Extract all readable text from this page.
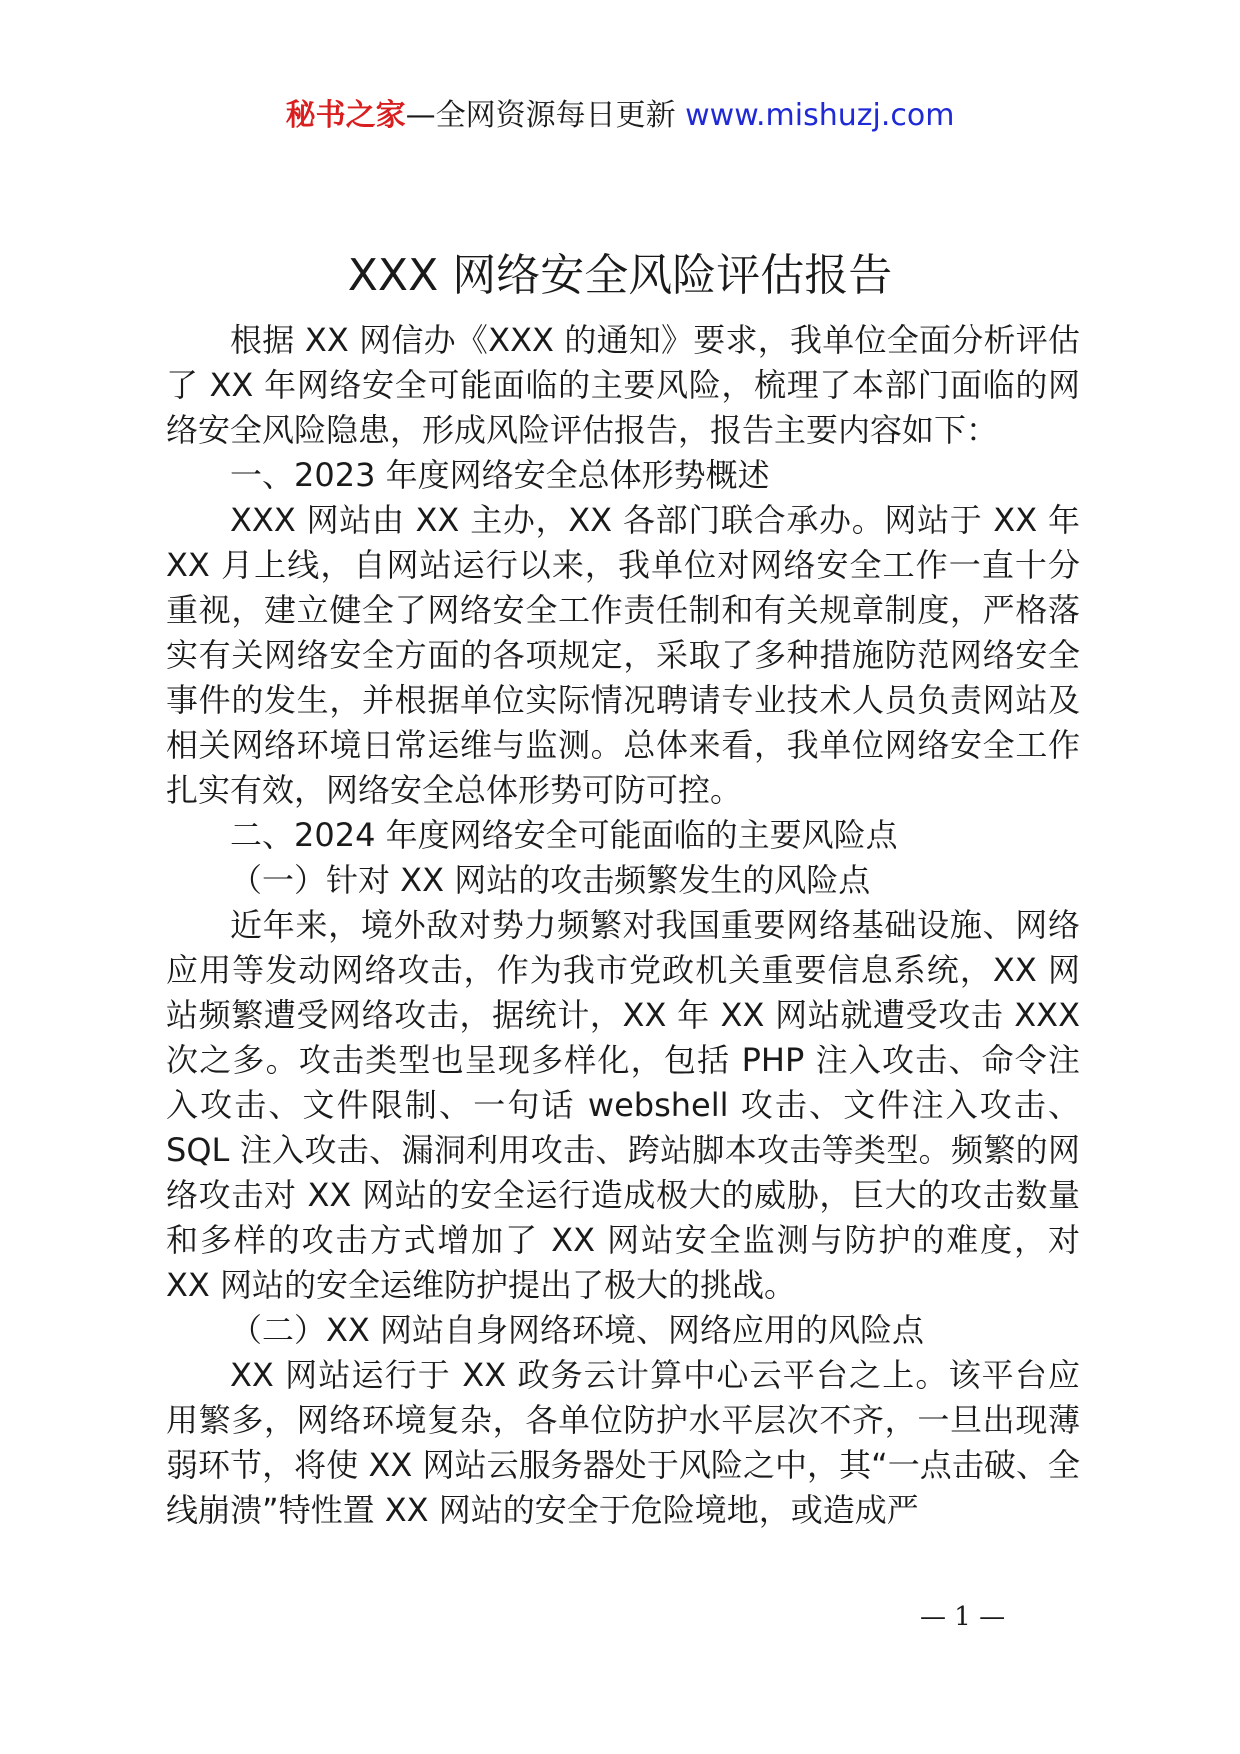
秘书之家—全网资源每日更新 www.mishuzj.com
XXX 网络安全风险评估报告

根据 XX 网信办《XXX 的通知》要求，我单位全面分析评估了 XX 年网络安全可能面临的主要风险，梳理了本部门面临的网络安全风险隐患，形成风险评估报告，报告主要内容如下：

一、2023 年度网络安全总体形势概述

XXX 网站由 XX 主办，XX 各部门联合承办。网站于 XX 年 XX 月上线，自网站运行以来，我单位对网络安全工作一直十分重视，建立健全了网络安全工作责任制和有关规章制度，严格落实有关网络安全方面的各项规定，采取了多种措施防范网络安全事件的发生，并根据单位实际情况聘请专业技术人员负责网站及相关网络环境日常运维与监测。总体来看，我单位网络安全工作扎实有效，网络安全总体形势可防可控。

二、2024 年度网络安全可能面临的主要风险点

（一）针对 XX 网站的攻击频繁发生的风险点

近年来，境外敌对势力频繁对我国重要网络基础设施、网络应用等发动网络攻击，作为我市党政机关重要信息系统，XX 网站频繁遭受网络攻击，据统计，XX 年 XX 网站就遭受攻击 XXX 次之多。攻击类型也呈现多样化，包括 PHP 注入攻击、命令注入攻击、文件限制、一句话 webshell 攻击、文件注入攻击、SQL 注入攻击、漏洞利用攻击、跨站脚本攻击等类型。频繁的网络攻击对 XX 网站的安全运行造成极大的威胁，巨大的攻击数量和多样的攻击方式增加了 XX 网站安全监测与防护的难度，对 XX 网站的安全运维防护提出了极大的挑战。

（二）XX 网站自身网络环境、网络应用的风险点

XX 网站运行于 XX 政务云计算中心云平台之上。该平台应用繁多，网络环境复杂，各单位防护水平层次不齐，一旦出现薄弱环节，将使 XX 网站云服务器处于风险之中，其“一点击破、全线崩溃”特性置 XX 网站的安全于危险境地，或造成严

— 1 —
